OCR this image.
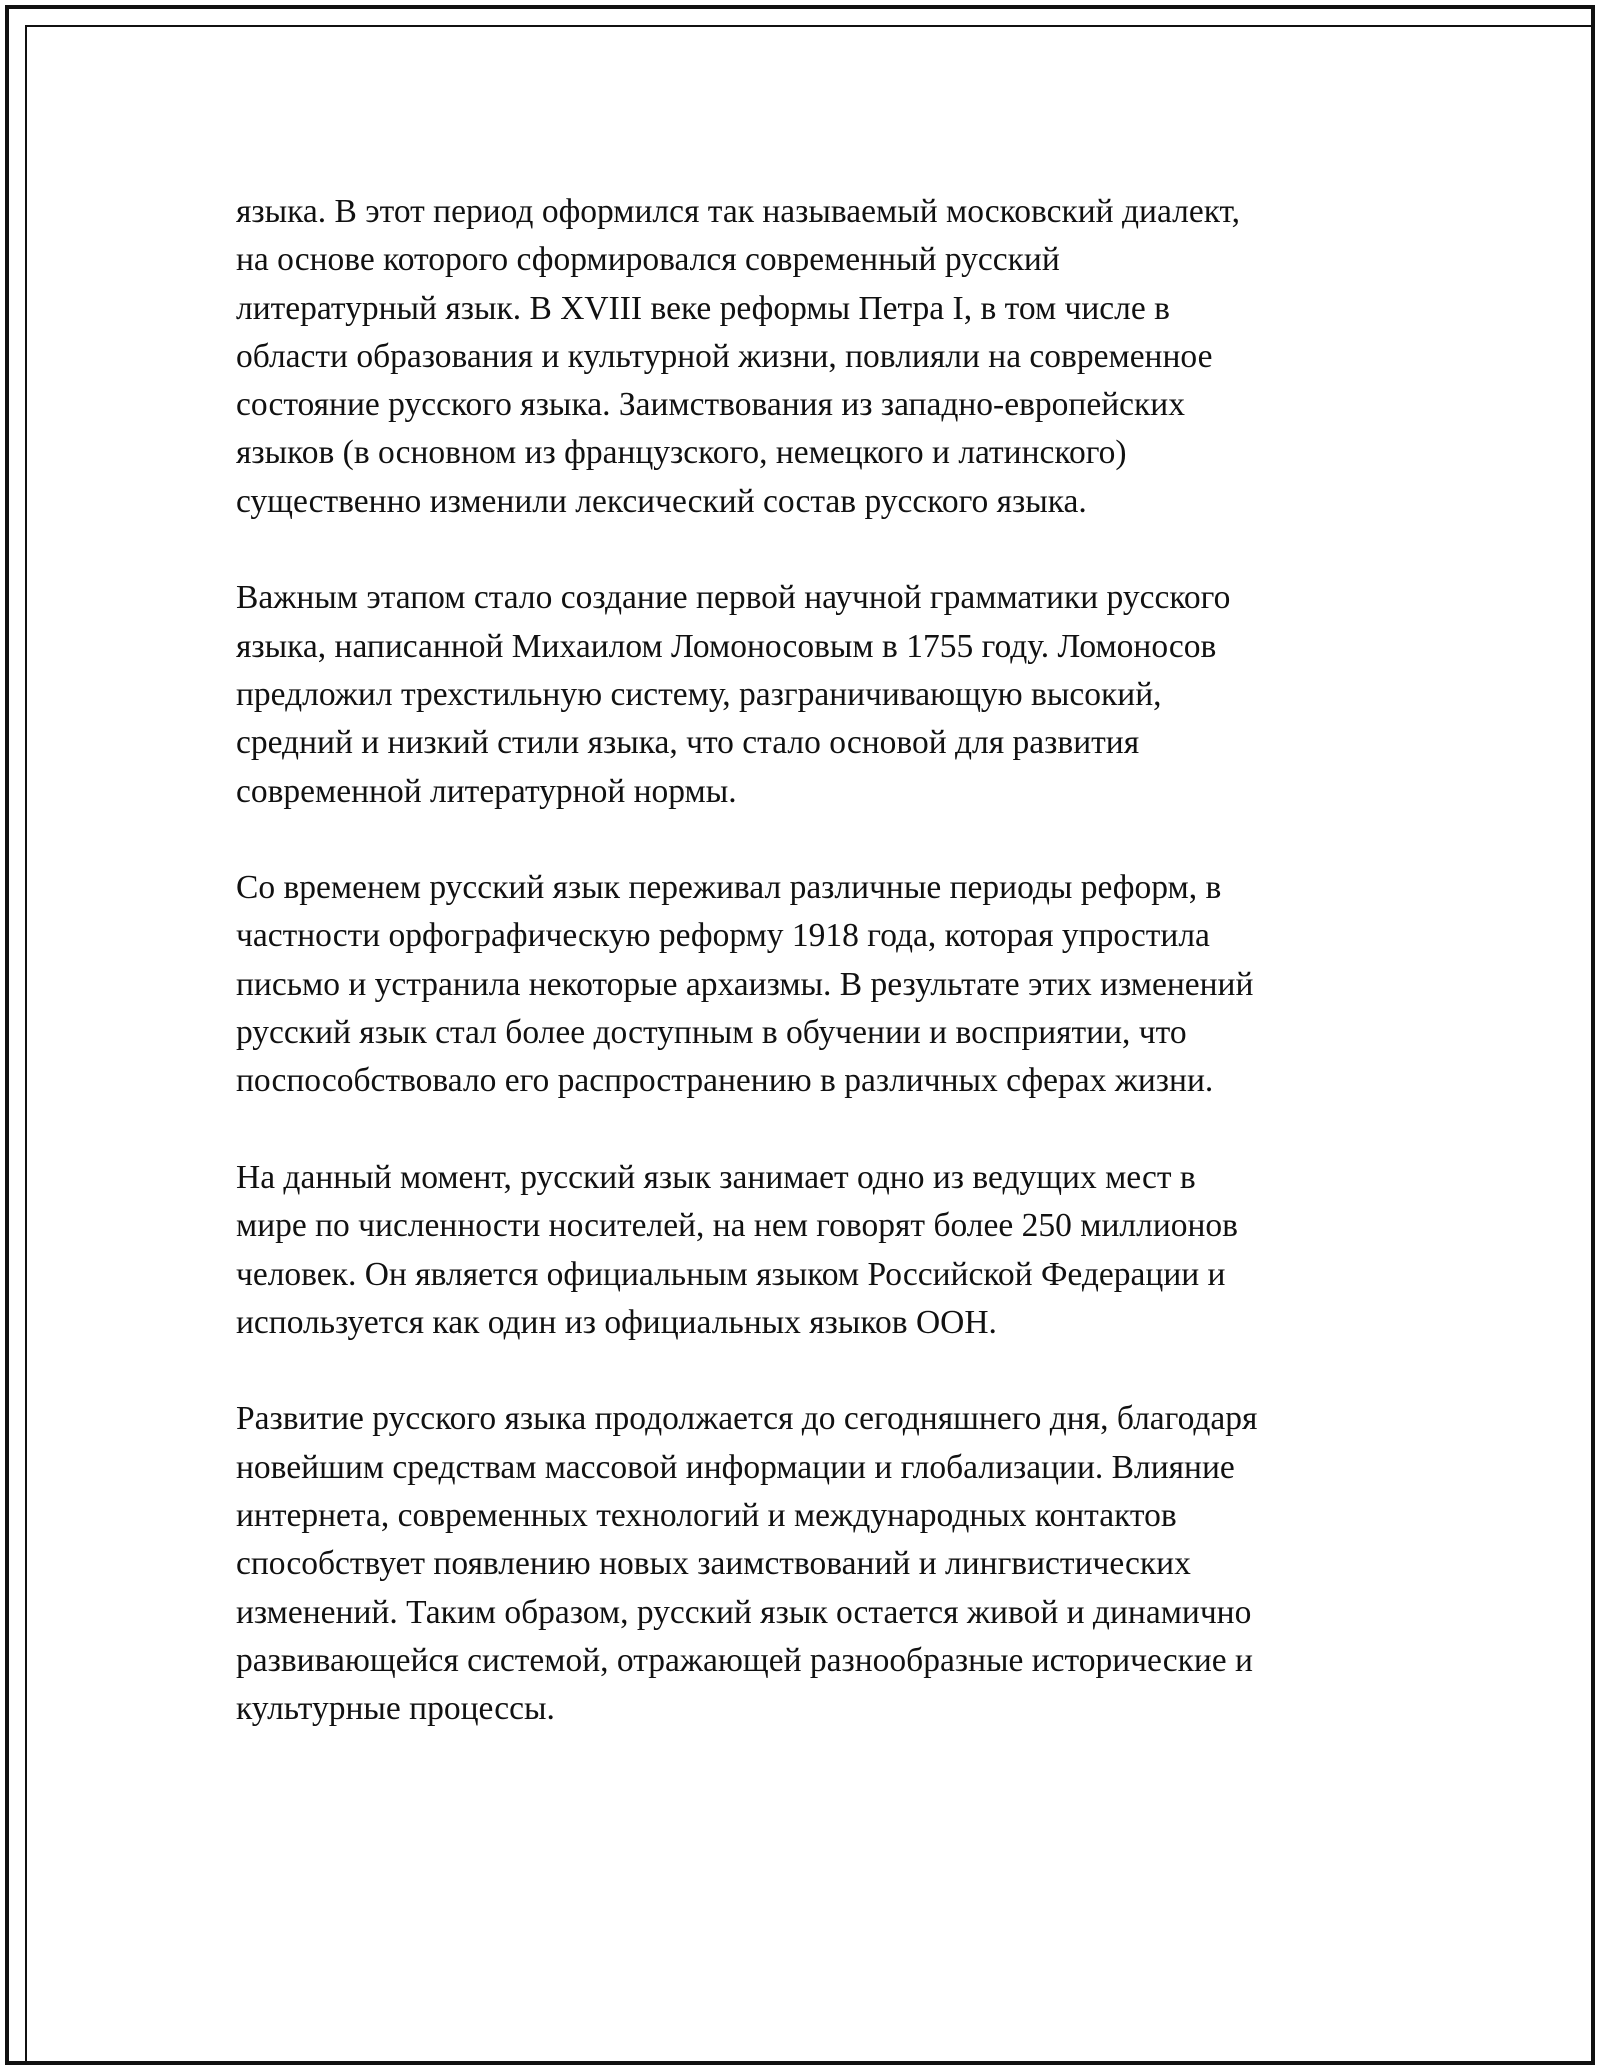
языка. В этот период оформился так называемый московский диалект,
на основе которого сформировался современный русский
литературный язык. В XVIII веке реформы Петра I, в том числе в
области образования и культурной жизни, повлияли на современное
состояние русского языка. Заимствования из западно-европейских
языков (в основном из французского, немецкого и латинского)
существенно изменили лексический состав русского языка.

Важным этапом стало создание первой научной грамматики русского
языка, написанной Михаилом Ломоносовым в 1755 году. Ломоносов
предложил трехстильную систему, разграничивающую высокий,
средний и низкий стили языка, что стало основой для развития
современной литературной нормы.

Со временем русский язык переживал различные периоды реформ, в
частности орфографическую реформу 1918 года, которая упростила
письмо и устранила некоторые архаизмы. В результате этих изменений
русский язык стал более доступным в обучении и восприятии, что
поспособствовало его распространению в различных сферах жизни.

На данный момент, русский язык занимает одно из ведущих мест в
мире по численности носителей, на нем говорят более 250 миллионов
человек. Он является официальным языком Российской Федерации и
используется как один из официальных языков ООН.

Развитие русского языка продолжается до сегодняшнего дня, благодаря
новейшим средствам массовой информации и глобализации. Влияние
интернета, современных технологий и международных контактов
способствует появлению новых заимствований и лингвистических
изменений. Таким образом, русский язык остается живой и динамично
развивающейся системой, отражающей разнообразные исторические и
культурные процессы.
